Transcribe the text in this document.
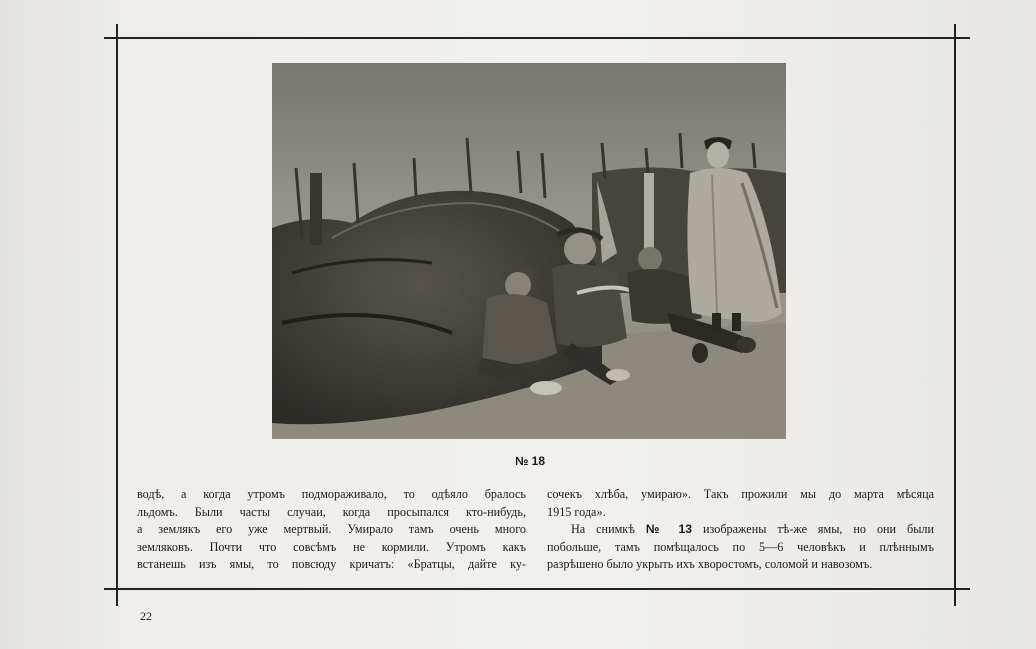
№ 18
водѣ, а когда утромъ подмораживало, то одѣяло бралось
льдомъ. Были часты случаи, когда просыпался кто-нибудь,
а землякъ его уже мертвый. Умирало тамъ очень много
земляковъ. Почти что совсѣмъ не кормили. Утромъ какъ
встанешь изъ ямы, то повсюду кричатъ: «Братцы, дайте ку-
сочекъ хлѣба, умираю». Такъ прожили мы до марта мѣсяца
1915 года».
На снимкѣ № 13 изображены тѣ-же ямы, но они были
побольше, тамъ помѣщалось по 5—6 человѣкъ и плѣннымъ
разрѣшено было укрыть ихъ хворостомъ, соломой и навозомъ.
22
